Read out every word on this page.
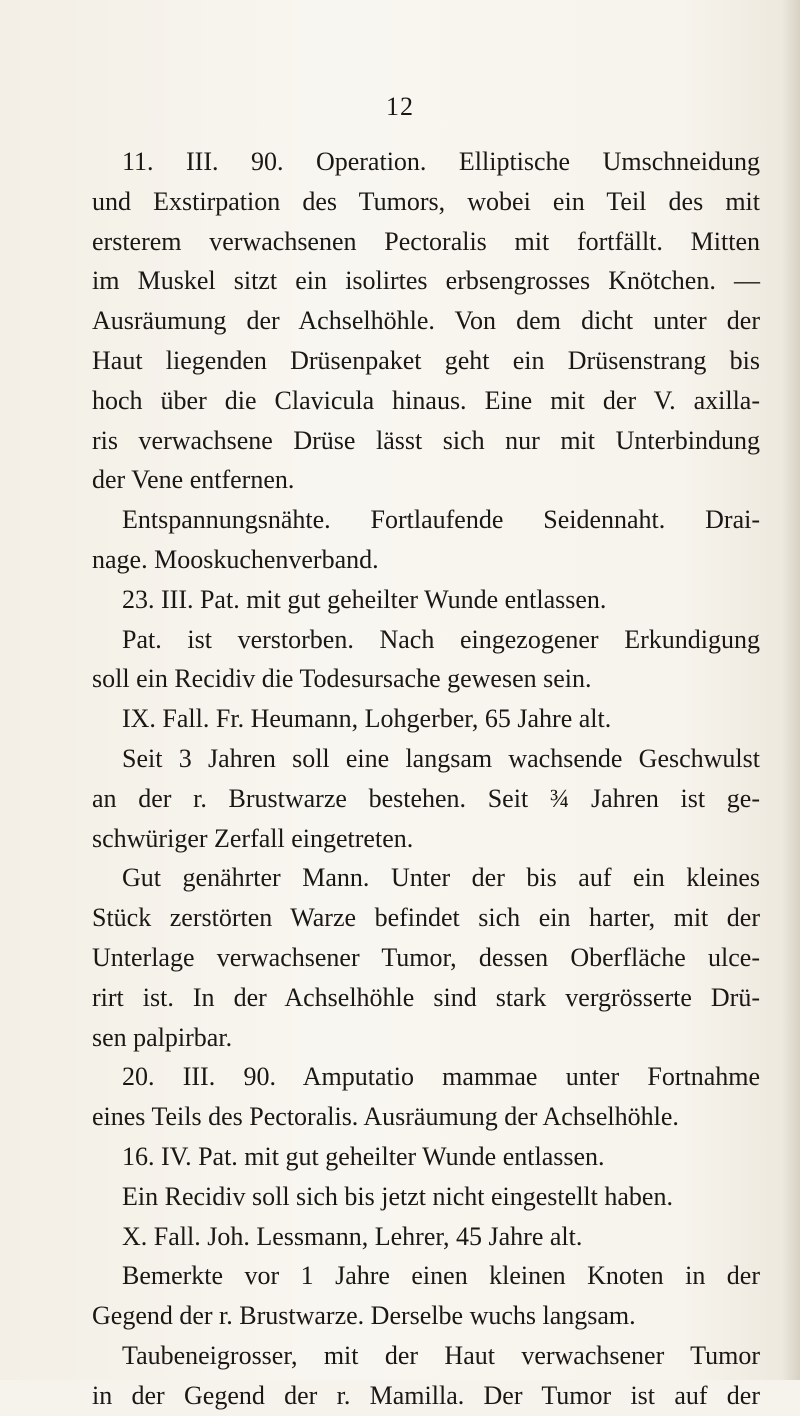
12
11. III. 90. Operation. Elliptische Umschneidung
und Exstirpation des Tumors, wobei ein Teil des mit
ersterem verwachsenen Pectoralis mit fortfällt. Mitten
im Muskel sitzt ein isolirtes erbsengrosses Knötchen. —
Ausräumung der Achselhöhle. Von dem dicht unter der
Haut liegenden Drüsenpaket geht ein Drüsenstrang bis
hoch über die Clavicula hinaus. Eine mit der V. axilla-
ris verwachsene Drüse lässt sich nur mit Unterbindung
der Vene entfernen.
Entspannungsnähte. Fortlaufende Seidennaht. Drai-
nage. Mooskuchenverband.
23. III. Pat. mit gut geheilter Wunde entlassen.
Pat. ist verstorben. Nach eingezogener Erkundigung
soll ein Recidiv die Todesursache gewesen sein.
IX. Fall. Fr. Heumann, Lohgerber, 65 Jahre alt.
Seit 3 Jahren soll eine langsam wachsende Geschwulst
an der r. Brustwarze bestehen. Seit ¾ Jahren ist ge-
schwüriger Zerfall eingetreten.
Gut genährter Mann. Unter der bis auf ein kleines
Stück zerstörten Warze befindet sich ein harter, mit der
Unterlage verwachsener Tumor, dessen Oberfläche ulce-
rirt ist. In der Achselhöhle sind stark vergrösserte Drü-
sen palpirbar.
20. III. 90. Amputatio mammae unter Fortnahme
eines Teils des Pectoralis. Ausräumung der Achselhöhle.
16. IV. Pat. mit gut geheilter Wunde entlassen.
Ein Recidiv soll sich bis jetzt nicht eingestellt haben.
X. Fall. Joh. Lessmann, Lehrer, 45 Jahre alt.
Bemerkte vor 1 Jahre einen kleinen Knoten in der
Gegend der r. Brustwarze. Derselbe wuchs langsam.
Taubeneigrosser, mit der Haut verwachsener Tumor
in der Gegend der r. Mamilla. Der Tumor ist auf der
